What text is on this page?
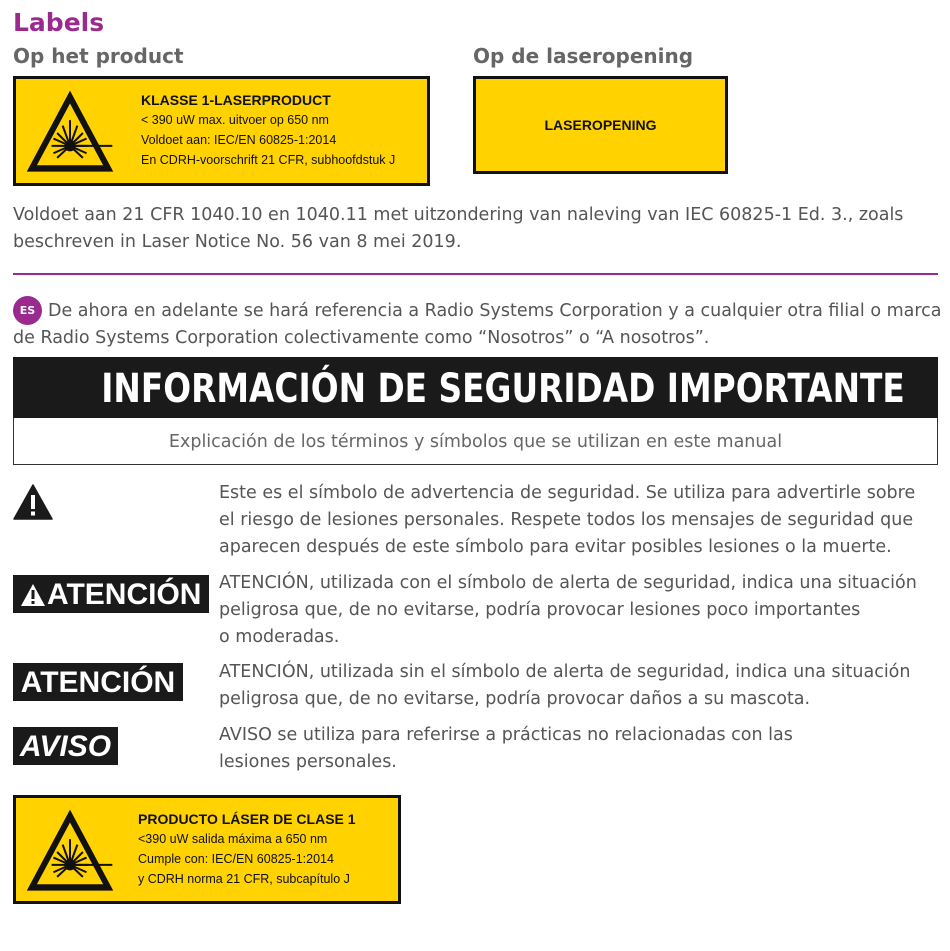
Labels
Op het product	Op de laseropening
KLASSE 1-LASERPRODUCT
< 390 uW max. uitvoer op 650 nm
Voldoet aan: IEC/EN 60825-1:2014
En CDRH-voorschrift 21 CFR, subhoofdstuk J
LASEROPENING
Voldoet aan 21 CFR 1040.10 en 1040.11 met uitzondering van naleving van IEC 60825-1 Ed. 3., zoals
beschreven in Laser Notice No. 56 van 8 mei 2019.
ES De ahora en adelante se hará referencia a Radio Systems Corporation y a cualquier otra filial o marca
de Radio Systems Corporation colectivamente como “Nosotros” o “A nosotros”.
INFORMACIÓN DE SEGURIDAD IMPORTANTE
Explicación de los términos y símbolos que se utilizan en este manual
Este es el símbolo de advertencia de seguridad. Se utiliza para advertirle sobre
el riesgo de lesiones personales. Respete todos los mensajes de seguridad que
aparecen después de este símbolo para evitar posibles lesiones o la muerte.
ATENCIÓN ATENCIÓN, utilizada con el símbolo de alerta de seguridad, indica una situación
peligrosa que, de no evitarse, podría provocar lesiones poco importantes
o moderadas.
ATENCIÓN	ATENCIÓN, utilizada sin el símbolo de alerta de seguridad, indica una situación
peligrosa que, de no evitarse, podría provocar daños a su mascota.
AVISO	AVISO se utiliza para referirse a prácticas no relacionadas con las
lesiones personales.
PRODUCTO LÁSER DE CLASE 1
<390 uW salida máxima a 650 nm
Cumple con: IEC/EN 60825-1:2014
y CDRH norma 21 CFR, subcapítulo J
